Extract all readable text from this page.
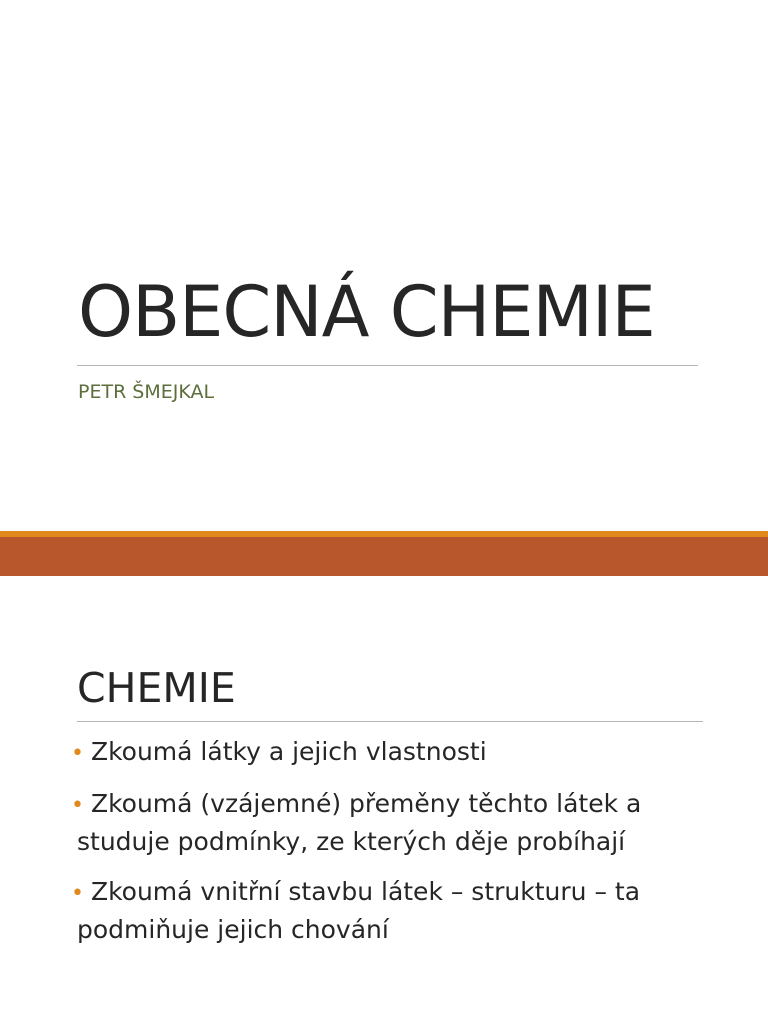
OBECNÁ CHEMIE
PETR ŠMEJKAL
CHEMIE
• Zkoumá látky a jejich vlastnosti
• Zkoumá (vzájemné) přeměny těchto látek a studuje podmínky, ze kterých děje probíhají
• Zkoumá vnitřní stavbu látek – strukturu – ta podmiňuje jejich chování
